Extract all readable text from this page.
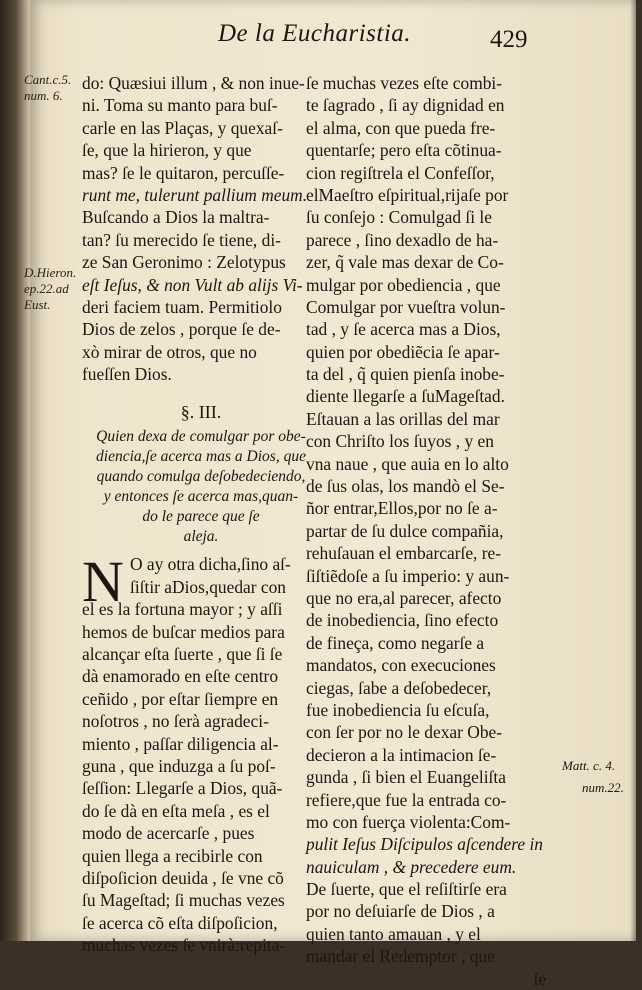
De la Eucharistia.	429
Cant.c.5.
num. 6.
D.Hieron.
ep.22.ad
Eust.
do: Quæsiui illum , & non inue-
ni. Toma su manto para buſ-
carle en las Plaças, y quexaſ-
ſe, que la hirieron, y que
mas? ſe le quitaron, percuſſe-
runt me, tulerunt pallium meum.
Buſcando a Dios la maltra-
tan? ſu merecido ſe tiene, di-
ze San Geronimo : Zelotypus
eſt Ieſus, & non Vult ab alijs Vi-
deri faciem tuam. Permitiolo
Dios de zelos , porque ſe de-
xò mirar de otros, que no
fueſſen Dios.
§. III.
Quien dexa de comulgar por obe-
diencia,ſe acerca mas a Dios, que
quando comulga deſobedeciendo,
y entonces ſe acerca mas,quan-
do le parece que ſe
aleja.
N O ay otra dicha,ſino aſ-
ſiſtir aDios,quedar con
el es la fortuna mayor ; y aſſi
hemos de buſcar medios para
alcançar eſta ſuerte , que ſi ſe
dà enamorado en eſte centro
ceñido , por eſtar ſiempre en
noſotros , no ſerà agradeci-
miento , paſſar diligencia al-
guna , que induzga a ſu poſ-
ſeſſion: Llegarſe a Dios, quã-
do ſe dà en eſta meſa , es el
modo de acercarſe , pues
quien llega a recibirle con
diſpoſicion deuida , ſe vne cõ
ſu Mageſtad; ſi muchas vezes
ſe acerca cõ eſta diſpoſicion,
muchas vezes ſe vnirà:repita-
ſe muchas vezes eſte combi-
te ſagrado , ſi ay dignidad en
el alma, con que pueda fre-
quentarſe; pero eſta cõtinua-
cion regiſtrela el Confeſſor,
elMaeſtro eſpiritual,rijaſe por
ſu conſejo : Comulgad ſi le
parece , ſino dexadlo de ha-
zer, q̃ vale mas dexar de Co-
mulgar por obediencia , que
Comulgar por vueſtra volun-
tad , y ſe acerca mas a Dios,
quien por obediẽcia ſe apar-
ta del , q̃ quien pienſa inobe-
diente llegarſe a ſuMageſtad.
Eſtauan a las orillas del mar
con Chriſto los ſuyos , y en
vna naue , que auia en lo alto
de ſus olas, los mandò el Se-
ñor entrar,Ellos,por no ſe a-
partar de ſu dulce compañia,
rehuſauan el embarcarſe, re-
ſiſtiẽdoſe a ſu imperio: y aun-
que no era,al parecer, afecto
de inobediencia, ſino efecto
de fineça, como negarſe a
mandatos, con execuciones
ciegas, ſabe a deſobedecer,
fue inobediencia ſu eſcuſa,
con ſer por no le dexar Obe-
decieron a la intimacion ſe-
gunda , ſi bien el Euangeliſta
refiere,que fue la entrada co-
mo con fuerça violenta:Com-
pulit Ieſus Diſcipulos aſcendere in
nauiculam , & precedere eum.
De ſuerte, que el reſiſtirſe era
por no deſuiarſe de Dios , a
quien tanto amauan , y el
mandar el Redemptor , que
ſe
Matt. c. 4.
num.22.
